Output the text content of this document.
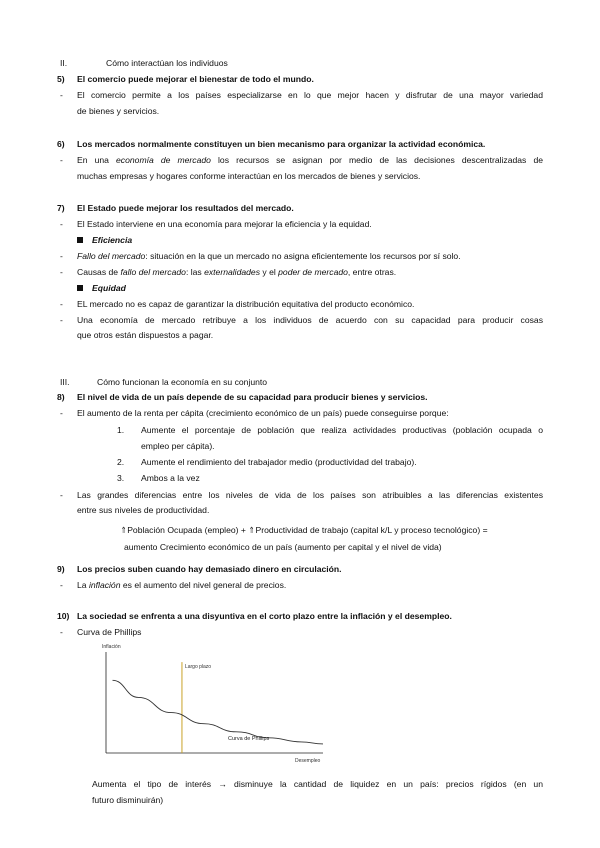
II.	Cómo interactúan los individuos
5) El comercio puede mejorar el bienestar de todo el mundo.
- El comercio permite a los países especializarse en lo que mejor hacen y disfrutar de una mayor variedad
de bienes y servicios.
6) Los mercados normalmente constituyen un bien mecanismo para organizar la actividad económica.
- En una economía de mercado los recursos se asignan por medio de las decisiones descentralizadas de
muchas empresas y hogares conforme interactúan en los mercados de bienes y servicios.
7) El Estado puede mejorar los resultados del mercado.
- El Estado interviene en una economía para mejorar la eficiencia y la equidad.
Eficiencia
- Fallo del mercado: situación en la que un mercado no asigna eficientemente los recursos por sí solo.
- Causas de fallo del mercado: las externalidades y el poder de mercado, entre otras.
Equidad
- EL mercado no es capaz de garantizar la distribución equitativa del producto económico.
- Una economía de mercado retribuye a los individuos de acuerdo con su capacidad para producir cosas
que otros están dispuestos a pagar.
III.	Cómo funcionan la economía en su conjunto
8) El nivel de vida de un país depende de su capacidad para producir bienes y servicios.
- El aumento de la renta per cápita (crecimiento económico de un país) puede conseguirse porque:
1. Aumente el porcentaje de población que realiza actividades productivas (población ocupada o
empleo per cápita).
2. Aumente el rendimiento del trabajador medio (productividad del trabajo).
3. Ambos a la vez
- Las grandes diferencias entre los niveles de vida de los países son atribuibles a las diferencias existentes
entre sus niveles de productividad.
⇑Población Ocupada (empleo) + ⇑Productividad de trabajo (capital k/L y proceso tecnológico) =
aumento Crecimiento económico de un país (aumento per capital y el nivel de vida)
9) Los precios suben cuando hay demasiado dinero en circulación.
- La inflación es el aumento del nivel general de precios.
10) La sociedad se enfrenta a una disyuntiva en el corto plazo entre la inflación y el desempleo.
- Curva de Phillips
Inflación
Desempleo
Largo plazo
Curva de Phillips
Aumenta el tipo de interés → disminuye la cantidad de liquidez en un país: precios rígidos (en un
futuro disminuirán)
